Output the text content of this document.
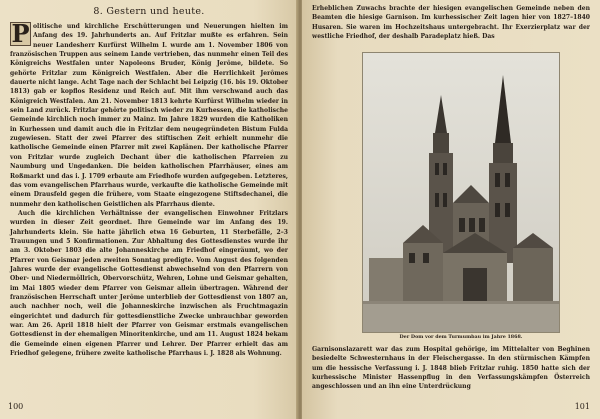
8. Gestern und heute.

P olitische und kirchliche Erschütterungen und Neuerungen hielten im Anfang des 19. Jahrhunderts an. Auf Fritzlar mußte es erfahren. Sein neuer Landesherr Kurfürst Wilhelm I. wurde am 1. November 1806 von französischen Truppen aus seinem Lande vertrieben, das nunmehr einen Teil des Königreichs Westfalen unter Napoleons Bruder, König Jerôme, bildete. So gehörte Fritzlar zum Königreich Westfalen. Aber die Herrlichkeit Jerômes dauerte nicht lange. Acht Tage nach der Schlacht bei Leipzig (16. bis 19. Oktober 1813) gab er kopflos Residenz und Reich auf. Mit ihm verschwand auch das Königreich Westfalen. Am 21. November 1813 kehrte Kurfürst Wilhelm wieder in sein Land zurück. Fritzlar gehörte politisch wieder zu Kurhessen, die katholische Gemeinde kirchlich noch immer zu Mainz. Im Jahre 1829 wurden die Katholiken in Kurhessen und damit auch die in Fritzlar dem neugegründeten Bistum Fulda zugewiesen. Statt der zwei Pfarrer des stiftischen Zeit erhielt nunmehr die katholische Gemeinde einen Pfarrer mit zwei Kaplänen. Der katholische Pfarrer von Fritzlar wurde zugleich Dechant über die katholischen Pfarreien zu Naumburg und Ungedanken. Die beiden katholischen Pfarrhäuser, eines am Roßmarkt und das i. J. 1709 erbaute am Friedhofe wurden aufgegeben. Letzteres, das vom evangelischen Pfarrhaus wurde, verkaufte die katholische Gemeinde mit einem Drausfeld gegen die frühere, vom Staate eingezogene Stiftsdechanei, die nunmehr den katholischen Geistlichen als Pfarrhaus diente.

Auch die kirchlichen Verhältnisse der evangelischen Einwohner Fritzlars wurden in dieser Zeit geordnet. Ihre Gemeinde war im Anfang des 19. Jahrhunderts klein. Sie hatte jährlich etwa 16 Geburten, 11 Sterbefälle, 2–3 Trauungen und 5 Konfirmationen. Zur Abhaltung des Gottesdienstes wurde ihr am 3. Oktober 1803 die alte Johanneskirche am Friedhof eingeräumt, wo der Pfarrer von Geismar jeden zweiten Sonntag predigte. Vom August des folgenden Jahres wurde der evangelische Gottesdienst abwechselnd von den Pfarrern von Ober- und Niedermöllrich, Obervorschütz, Wehren, Lohne und Geismar gehalten, im Mai 1805 wieder dem Pfarrer von Geismar allein übertragen. Während der französischen Herrschaft unter Jerôme unterblieb der Gottesdienst von 1807 an, auch nachher noch, weil die Johanneskirche inzwischen als Fruchtmagazin eingerichtet und dadurch für gottesdienstliche Zwecke unbrauchbar geworden war. Am 26. April 1818 hielt der Pfarrer von Geismar erstmals evangelischen Gottesdienst in der ehemaligen Minoritenkirche, und am 11. August 1824 bekam die Gemeinde einen eigenen Pfarrer und Lehrer. Der Pfarrer erhielt das am Friedhof gelegene, frühere zweite katholische Pfarrhaus i. J. 1828 als Wohnung.

100

Erheblichen Zuwachs brachte der hiesigen evangelischen Gemeinde neben den Beamten die hiesige Garnison. Im kurhessischer Zeit lagen hier von 1827–1840 Husaren. Sie waren im Hochzeitshaus untergebracht. Ihr Exerzierplatz war der westliche Friedhof, der deshalb Paradeplatz hieß. Das

Der Dom vor dem Turmumbau im Jahre 1868.

Garnisonslazarett war das zum Hospital gehörige, im Mittelalter von Beghinen besiedelte Schwesternhaus in der Fleischergasse. In den stürmischen Kämpfen um die hessische Verfassung i. J. 1848 blieb Fritzlar ruhig. 1850 hatte sich der kurhessische Minister Hassenpflug in den Verfassungskämpfen Österreich angeschlossen und an ihn eine Unterdrückung

101
